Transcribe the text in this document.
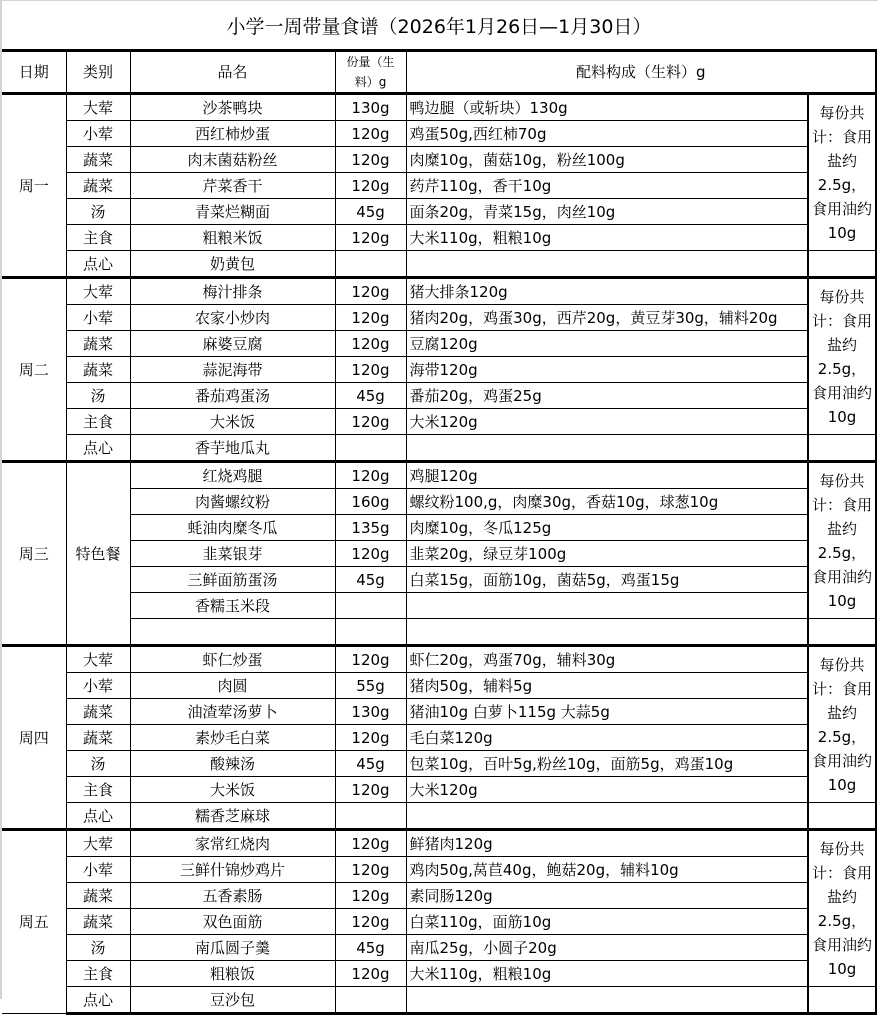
小学一周带量食谱（2026年1月26日—1月30日）
日期	类别	品名	份量（生料）g	配料构成（生料）g	
周一	大荤	沙茶鸭块	130g	鸭边腿（或斩块）130g	每份共计：食用盐约2.5g，食用油约10g
	小荤	西红柿炒蛋	120g	鸡蛋50g,西红柿70g	
	蔬菜	肉末菌菇粉丝	120g	肉糜10g，菌菇10g，粉丝100g	
	蔬菜	芹菜香干	120g	药芹110g，香干10g	
	汤	青菜烂糊面	45g	面条20g，青菜15g，肉丝10g	
	主食	粗粮米饭	120g	大米110g，粗粮10g	
	点心	奶黄包			
周二	大荤	梅汁排条	120g	猪大排条120g	每份共计：食用盐约2.5g，食用油约10g
	小荤	农家小炒肉	120g	猪肉20g，鸡蛋30g，西芹20g，黄豆芽30g，辅料20g	
	蔬菜	麻婆豆腐	120g	豆腐120g	
	蔬菜	蒜泥海带	120g	海带120g	
	汤	番茄鸡蛋汤	45g	番茄20g，鸡蛋25g	
	主食	大米饭	120g	大米120g	
	点心	香芋地瓜丸			
周三	特色餐	红烧鸡腿	120g	鸡腿120g	每份共计：食用盐约2.5g，食用油约10g
		肉酱螺纹粉	160g	螺纹粉100,g，肉糜30g，香菇10g，球葱10g	
		蚝油肉糜冬瓜	135g	肉糜10g，冬瓜125g	
		韭菜银芽	120g	韭菜20g，绿豆芽100g	
		三鲜面筋蛋汤	45g	白菜15g，面筋10g，菌菇5g，鸡蛋15g	
		香糯玉米段			

周四	大荤	虾仁炒蛋	120g	虾仁20g，鸡蛋70g，辅料30g	每份共计：食用盐约2.5g，食用油约10g
	小荤	肉圆	55g	猪肉50g，辅料5g	
	蔬菜	油渣荤汤萝卜	130g	猪油10g 白萝卜115g 大蒜5g	
	蔬菜	素炒毛白菜	120g	毛白菜120g	
	汤	酸辣汤	45g	包菜10g，百叶5g,粉丝10g，面筋5g，鸡蛋10g	
	主食	大米饭	120g	大米120g	
	点心	糯香芝麻球			
周五	大荤	家常红烧肉	120g	鲜猪肉120g	每份共计：食用盐约2.5g，食用油约10g
	小荤	三鲜什锦炒鸡片	120g	鸡肉50g,莴苣40g，鲍菇20g，辅料10g	
	蔬菜	五香素肠	120g	素同肠120g	
	蔬菜	双色面筋	120g	白菜110g，面筋10g	
	汤	南瓜圆子羹	45g	南瓜25g，小圆子20g	
	主食	粗粮饭	120g	大米110g，粗粮10g	
	点心	豆沙包			
